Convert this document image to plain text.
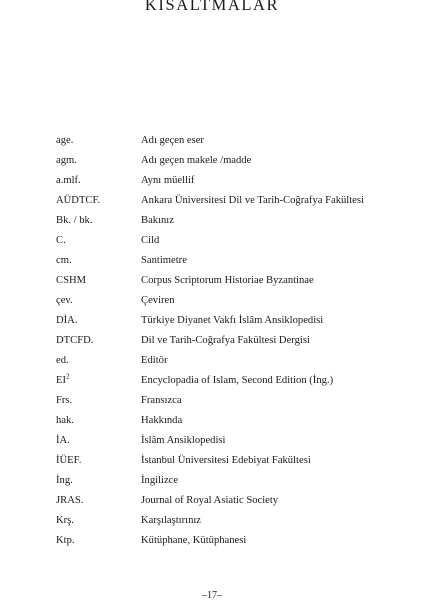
KISALTMALAR
age.	Adı geçen eser
agm.	Adı geçen makele /madde
a.mlf.	Aynı müellif
AÜDTCF.	Ankara Üniversitesi Dil ve Tarih-Coğrafya Fakültesi
Bk. / bk.	Bakınız
C.	Cild
cm.	Santimetre
CSHM	Corpus Scriptorum Historiae Byzantinae
çev.	Çeviren
DİA.	Türkiye Diyanet Vakfı İslâm Ansiklopedisi
DTCFD.	Dil ve Tarih-Coğrafya Fakültesi Dergisi
ed.	Editör
$EI^2$	Encyclopadia of Islam, Second Edition (İng.)
Frs.	Fransızca
hak.	Hakkında
İA.	İslâm Ansiklopedisi
İÜEF.	İstanbul Üniversitesi Edebiyat Fakültesi
İng.	İngilizce
JRAS.	Journal of Royal Asiatic Society
Krş.	Karşılaştırınız
Ktp.	Kütüphane, Kütüphanesi
–17–
